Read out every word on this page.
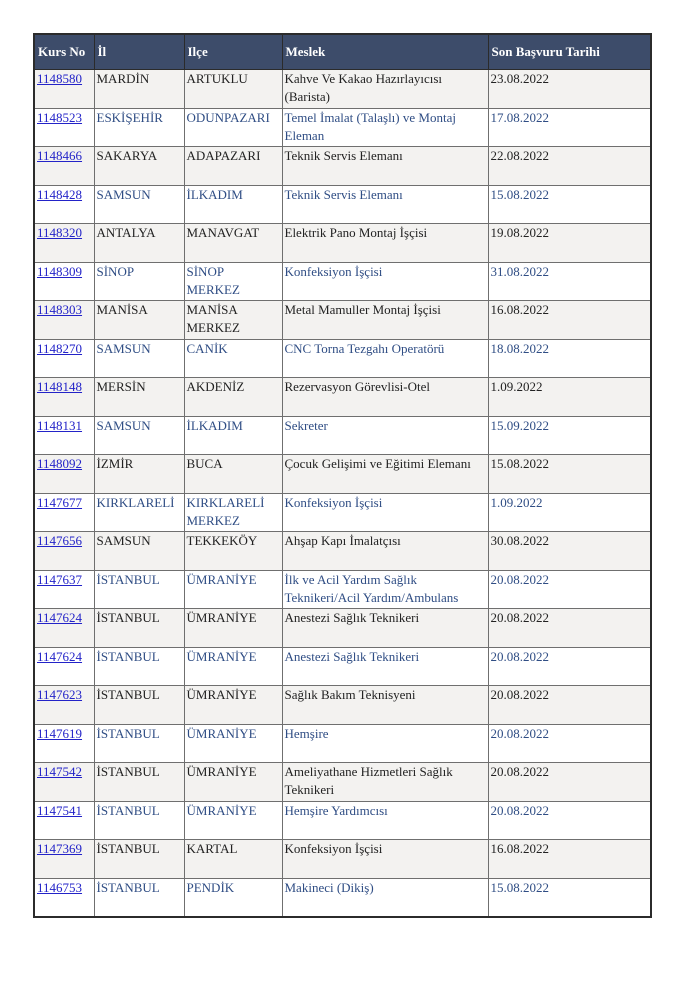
Kurs No	İl	Ilçe	Meslek	Son Başvuru Tarihi
1148580	MARDİN	ARTUKLU	Kahve Ve Kakao Hazırlayıcısı (Barista)	23.08.2022
1148523	ESKİŞEHİR	ODUNPAZARI	Temel İmalat (Talaşlı) ve Montaj Eleman	17.08.2022
1148466	SAKARYA	ADAPAZARI	Teknik Servis Elemanı	22.08.2022
1148428	SAMSUN	İLKADIM	Teknik Servis Elemanı	15.08.2022
1148320	ANTALYA	MANAVGAT	Elektrik Pano Montaj İşçisi	19.08.2022
1148309	SİNOP	SİNOP MERKEZ	Konfeksiyon İşçisi	31.08.2022
1148303	MANİSA	MANİSA MERKEZ	Metal Mamuller Montaj İşçisi	16.08.2022
1148270	SAMSUN	CANİK	CNC Torna Tezgahı Operatörü	18.08.2022
1148148	MERSİN	AKDENİZ	Rezervasyon Görevlisi-Otel	1.09.2022
1148131	SAMSUN	İLKADIM	Sekreter	15.09.2022
1148092	İZMİR	BUCA	Çocuk Gelişimi ve Eğitimi Elemanı	15.08.2022
1147677	KIRKLARELİ	KIRKLARELİ MERKEZ	Konfeksiyon İşçisi	1.09.2022
1147656	SAMSUN	TEKKEKÖY	Ahşap Kapı İmalatçısı	30.08.2022
1147637	İSTANBUL	ÜMRANİYE	İlk ve Acil Yardım Sağlık Teknikeri/Acil Yardım/Ambulans	20.08.2022
1147624	İSTANBUL	ÜMRANİYE	Anestezi Sağlık Teknikeri	20.08.2022
1147624	İSTANBUL	ÜMRANİYE	Anestezi Sağlık Teknikeri	20.08.2022
1147623	İSTANBUL	ÜMRANİYE	Sağlık Bakım Teknisyeni	20.08.2022
1147619	İSTANBUL	ÜMRANİYE	Hemşire	20.08.2022
1147542	İSTANBUL	ÜMRANİYE	Ameliyathane Hizmetleri Sağlık Teknikeri	20.08.2022
1147541	İSTANBUL	ÜMRANİYE	Hemşire Yardımcısı	20.08.2022
1147369	İSTANBUL	KARTAL	Konfeksiyon İşçisi	16.08.2022
1146753	İSTANBUL	PENDİK	Makineci (Dikiş)	15.08.2022
